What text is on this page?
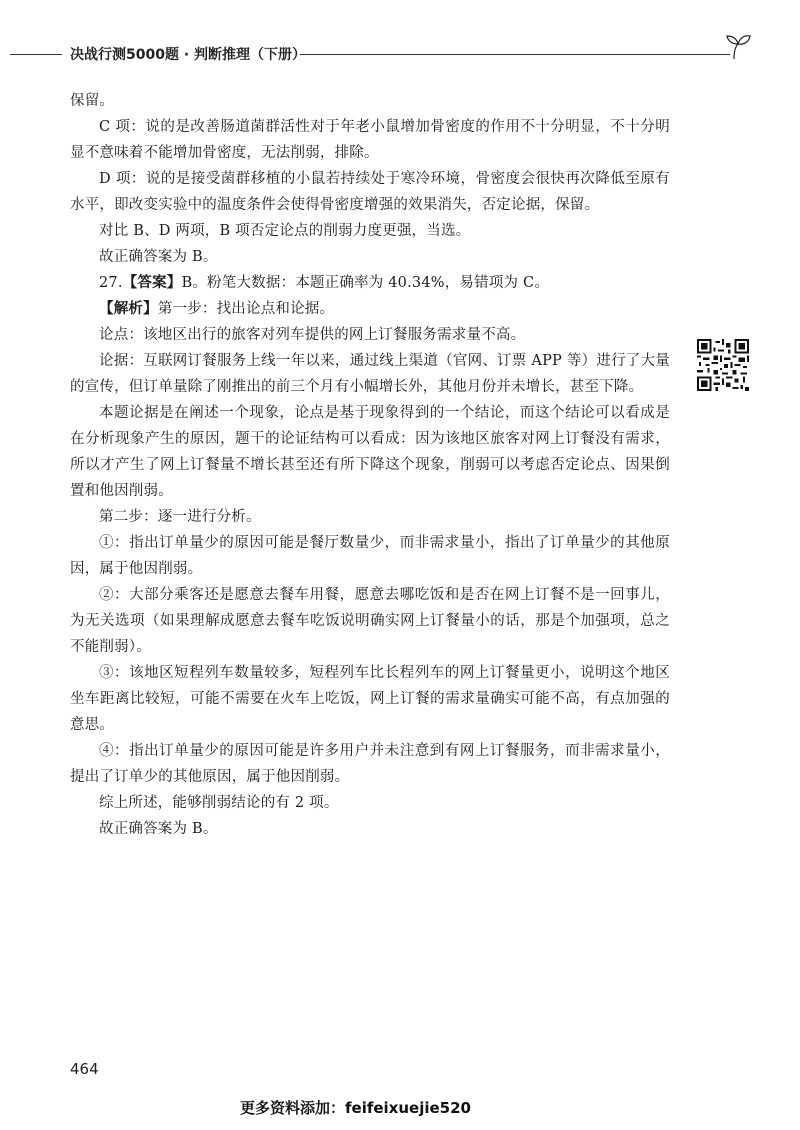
决战行测5000题 · 判断推理（下册）

保留。

C 项：说的是改善肠道菌群活性对于年老小鼠增加骨密度的作用不十分明显，不十分明显不意味着不能增加骨密度，无法削弱，排除。

D 项：说的是接受菌群移植的小鼠若持续处于寒冷环境，骨密度会很快再次降低至原有水平，即改变实验中的温度条件会使得骨密度增强的效果消失，否定论据，保留。

对比 B、D 两项，B 项否定论点的削弱力度更强，当选。

故正确答案为 B。

27.【答案】B。粉笔大数据：本题正确率为 40.34%，易错项为 C。

【解析】第一步：找出论点和论据。

论点：该地区出行的旅客对列车提供的网上订餐服务需求量不高。

论据：互联网订餐服务上线一年以来，通过线上渠道（官网、订票 APP 等）进行了大量的宣传，但订单量除了刚推出的前三个月有小幅增长外，其他月份并未增长，甚至下降。

本题论据是在阐述一个现象，论点是基于现象得到的一个结论，而这个结论可以看成是在分析现象产生的原因，题干的论证结构可以看成：因为该地区旅客对网上订餐没有需求，所以才产生了网上订餐量不增长甚至还有所下降这个现象，削弱可以考虑否定论点、因果倒置和他因削弱。

第二步：逐一进行分析。

①：指出订单量少的原因可能是餐厅数量少，而非需求量小，指出了订单量少的其他原因，属于他因削弱。

②：大部分乘客还是愿意去餐车用餐，愿意去哪吃饭和是否在网上订餐不是一回事儿，为无关选项（如果理解成愿意去餐车吃饭说明确实网上订餐量小的话，那是个加强项，总之不能削弱）。

③：该地区短程列车数量较多，短程列车比长程列车的网上订餐量更小，说明这个地区坐车距离比较短，可能不需要在火车上吃饭，网上订餐的需求量确实可能不高，有点加强的意思。

④：指出订单量少的原因可能是许多用户并未注意到有网上订餐服务，而非需求量小，提出了订单少的其他原因，属于他因削弱。

综上所述，能够削弱结论的有 2 项。

故正确答案为 B。

464
更多资料添加：feifeixuejie520
